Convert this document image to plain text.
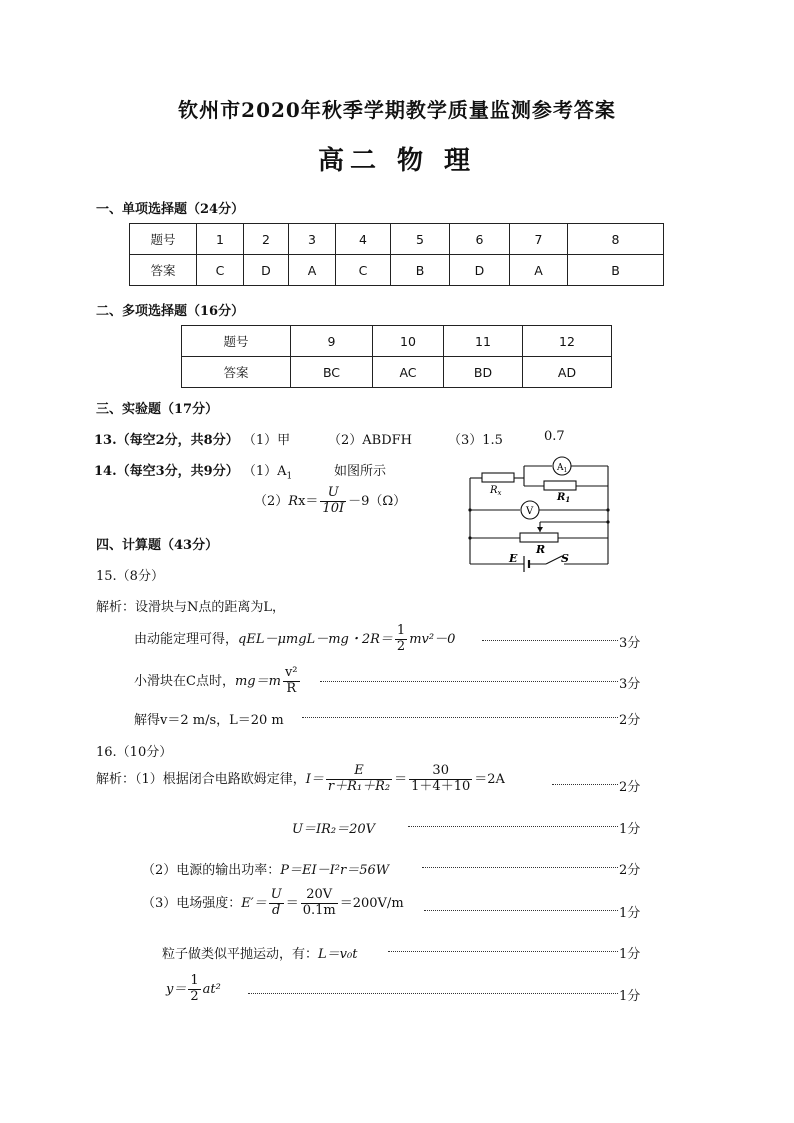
钦州市2020年秋季学期教学质量监测参考答案
高二 物 理
一、单项选择题（24分）
题号	1	2	3	4	5	6	7	8
答案	C	D	A	C	B	D	A	B
二、多项选择题（16分）
题号	9	10	11	12
答案	BC	AC	BD	AD
三、实验题（17分）
13.（每空2分，共8分） （1）甲	（2）ABDFH	（3）1.5	0.7
14.（每空3分，共9分） $(1)A_1$	如图所示
$(2)Rx= \frac{U}{10I} -9(\Omega)$
$R_x$	$R_1$
$A_1$
V
R
E	S
四、计算题（43分）
15.（8分）
解析：设滑块与N点的距离为L，
由动能定理可得，qEL－μmgL－mg・$2R= \frac{1}{2} mv^2-0$	3分
小滑块在C点时，$mg=m \frac{\text{v²}}{R}$	3分
解得v＝2 m/s，L＝20 m	2分
16.（10分）
解析：（1）根据闭合电路欧姆定律，$I= \frac{E}{\text{r＋R₁＋R₂}} = \frac{30}{1+4+10} =2A$
2分
U＝IR₂＝20V	1分
（2）电源的输出功率：P＝EI－I²r＝56W	2分
（3）电场强度：$E'= \frac{U}{d} = \frac{20V}{0.1m} =200V/m$
1分
粒子做类似平抛运动，有：L＝v₀t	1分
$y= \frac{1}{2} at^2$	1分
